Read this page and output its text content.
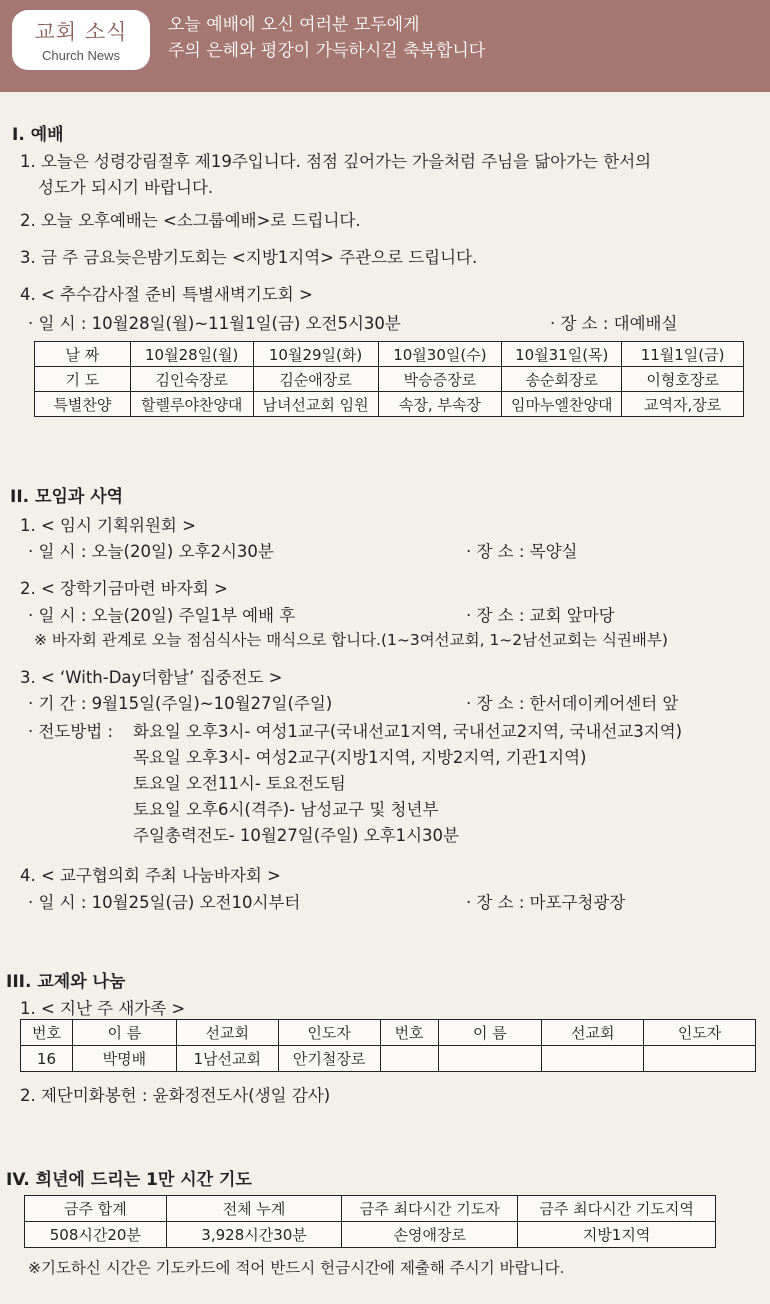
교회 소식
Church News
오늘 예배에 오신 여러분 모두에게
주의 은혜와 평강이 가득하시길 축복합니다
I. 예배
1. 오늘은 성령강림절후 제19주입니다. 점점 깊어가는 가을처럼 주님을 닮아가는 한서의
성도가 되시기 바랍니다.
2. 오늘 오후예배는 <소그룹예배>로 드립니다.
3. 금 주 금요늦은밤기도회는 <지방1지역> 주관으로 드립니다.
4. < 추수감사절 준비 특별새벽기도회 >
· 일 시 : 10월28일(월)~11월1일(금) 오전5시30분	· 장 소 : 대예배실
날 짜	10월28일(월)	10월29일(화)	10월30일(수)	10월31일(목)	11월1일(금)
기 도	김인숙장로	김순애장로	박승증장로	송순회장로	이형호장로
특별찬양	할렐루야찬양대	남녀선교회 임원	속장, 부속장	임마누엘찬양대	교역자,장로
II. 모임과 사역
1. < 임시 기획위원회 >
· 일 시 : 오늘(20일) 오후2시30분	· 장 소 : 목양실
2. < 장학기금마련 바자회 >
· 일 시 : 오늘(20일) 주일1부 예배 후	· 장 소 : 교회 앞마당
※ 바자회 관계로 오늘 점심식사는 매식으로 합니다.(1~3여선교회, 1~2남선교회는 식권배부)
3. < ‘With-Day더함날’ 집중전도 >
· 기 간 : 9월15일(주일)~10월27일(주일)	· 장 소 : 한서데이케어센터 앞
· 전도방법 : 화요일 오후3시- 여성1교구(국내선교1지역, 국내선교2지역, 국내선교3지역)
목요일 오후3시- 여성2교구(지방1지역, 지방2지역, 기관1지역)
토요일 오전11시- 토요전도팀
토요일 오후6시(격주)- 남성교구 및 청년부
주일총력전도- 10월27일(주일) 오후1시30분
4. < 교구협의회 주최 나눔바자회 >
· 일 시 : 10월25일(금) 오전10시부터	· 장 소 : 마포구청광장
III. 교제와 나눔
1. < 지난 주 새가족 >
번호	이 름	선교회	인도자	번호	이 름	선교회	인도자
16	박명배	1남선교회	안기철장로				
2. 제단미화봉헌 : 윤화정전도사(생일 감사)
IV. 희년에 드리는 1만 시간 기도
금주 합계	전체 누계	금주 최다시간 기도자	금주 최다시간 기도지역
508시간20분	3,928시간30분	손영애장로	지방1지역
※기도하신 시간은 기도카드에 적어 반드시 헌금시간에 제출해 주시기 바랍니다.
